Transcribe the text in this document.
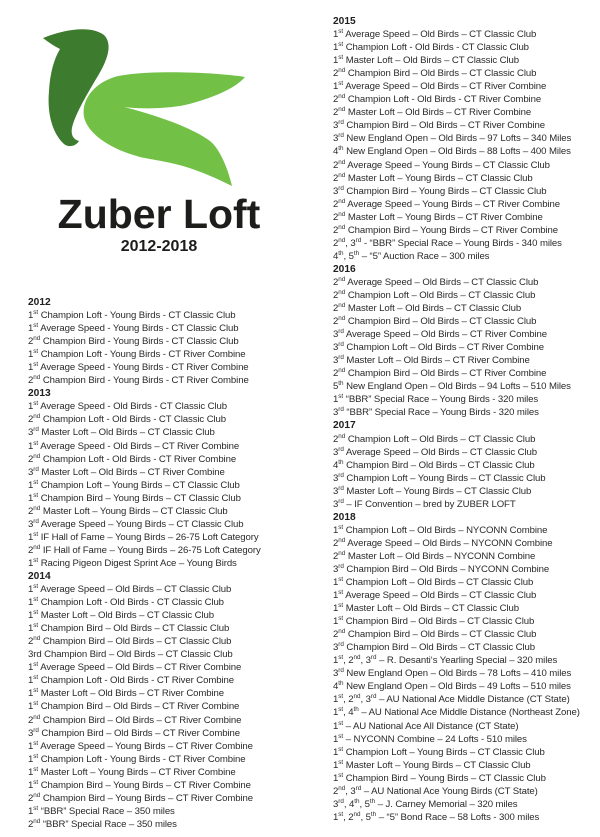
Zuber Loft
2012-2018
2012
1st Champion Loft - Young Birds - CT Classic Club
1st Average Speed - Young Birds - CT Classic Club
2nd Champion Bird - Young Birds - CT Classic Club
1st Champion Loft - Young Birds - CT River Combine
1st Average Speed - Young Birds - CT River Combine
2nd Champion Bird - Young Birds - CT River Combine
2013
1st Average Speed - Old Birds - CT Classic Club
2nd Champion Loft - Old Birds - CT Classic Club
3rd Master Loft – Old Birds – CT Classic Club
1st Average Speed - Old Birds – CT River Combine
2nd Champion Loft - Old Birds - CT River Combine
3rd Master Loft – Old Birds – CT River Combine
1st Champion Loft – Young Birds – CT Classic Club
1st Champion Bird – Young Birds – CT Classic Club
2nd Master Loft – Young Birds – CT Classic Club
3rd Average Speed – Young Birds – CT Classic Club
1st IF Hall of Fame – Young Birds – 26-75 Loft Category
2nd IF Hall of Fame – Young Birds – 26-75 Loft Category
1st Racing Pigeon Digest Sprint Ace – Young Birds
2014
1st Average Speed – Old Birds – CT Classic Club
1st Champion Loft - Old Birds - CT Classic Club
1st Master Loft – Old Birds – CT Classic Club
1st Champion Bird – Old Birds – CT Classic Club
2nd Champion Bird – Old Birds – CT Classic Club
3rd Champion Bird – Old Birds – CT Classic Club
1st Average Speed – Old Birds – CT River Combine
1st Champion Loft - Old Birds - CT River Combine
1st Master Loft – Old Birds – CT River Combine
1st Champion Bird – Old Birds – CT River Combine
2nd Champion Bird – Old Birds – CT River Combine
3rd Champion Bird – Old Birds – CT River Combine
1st Average Speed – Young Birds – CT River Combine
1st Champion Loft - Young Birds - CT River Combine
1st Master Loft – Young Birds – CT River Combine
1st Champion Bird – Young Birds – CT River Combine
2nd Champion Bird – Young Birds – CT River Combine
1st “BBR” Special Race – 350 miles
2nd “BBR” Special Race – 350 miles
2015
1st Average Speed – Old Birds – CT Classic Club
1st Champion Loft - Old Birds - CT Classic Club
1st Master Loft – Old Birds – CT Classic Club
2nd Champion Bird – Old Birds – CT Classic Club
1st Average Speed – Old Birds – CT River Combine
2nd Champion Loft - Old Birds - CT River Combine
2nd Master Loft – Old Birds – CT River Combine
3rd Champion Bird – Old Birds – CT River Combine
3rd New England Open – Old Birds – 97 Lofts – 340 Miles
4th New England Open – Old Birds – 88 Lofts – 400 Miles
2nd Average Speed – Young Birds – CT Classic Club
2nd Master Loft – Young Birds – CT Classic Club
3rd Champion Bird – Young Birds – CT Classic Club
2nd Average Speed – Young Birds – CT River Combine
2nd Master Loft – Young Birds – CT River Combine
2nd Champion Bird – Young Birds – CT River Combine
2nd, 3rd - “BBR” Special Race – Young Birds - 340 miles
4th, 5th – “5” Auction Race – 300 miles
2016
2nd Average Speed – Old Birds – CT Classic Club
2nd Champion Loft – Old Birds – CT Classic Club
2nd Master Loft – Old Birds – CT Classic Club
2nd Champion Bird – Old Birds – CT Classic Club
3rd Average Speed – Old Birds – CT River Combine
3rd Champion Loft – Old Birds – CT River Combine
3rd Master Loft – Old Birds – CT River Combine
2nd Champion Bird – Old Birds – CT River Combine
5th New England Open – Old Birds – 94 Lofts – 510 Miles
1st “BBR” Special Race – Young Birds - 320 miles
3rd “BBR” Special Race – Young Birds - 320 miles
2017
2nd Champion Loft – Old Birds – CT Classic Club
3rd Average Speed – Old Birds – CT Classic Club
4th Champion Bird – Old Birds – CT Classic Club
3rd Champion Loft – Young Birds – CT Classic Club
3rd Master Loft – Young Birds – CT Classic Club
3rd – IF Convention – bred by ZUBER LOFT
2018
1st Champion Loft – Old Birds – NYCONN Combine
2nd Average Speed – Old Birds – NYCONN Combine
2nd Master Loft – Old Birds – NYCONN Combine
3rd Champion Bird – Old Birds – NYCONN Combine
1st Champion Loft – Old Birds – CT Classic Club
1st Average Speed – Old Birds – CT Classic Club
1st Master Loft – Old Birds – CT Classic Club
1st Champion Bird – Old Birds – CT Classic Club
2nd Champion Bird – Old Birds – CT Classic Club
3rd Champion Bird – Old Birds – CT Classic Club
1st, 2nd, 3rd – R. Desanti‘s Yearling Special – 320 miles
3rd New England Open – Old Birds – 78 Lofts – 410 miles
4th New England Open – Old Birds – 49 Lofts – 510 miles
1st, 2nd, 3rd – AU National Ace Middle Distance (CT State)
1st, 4th – AU National Ace Middle Distance (Northeast Zone)
1st – AU National Ace All Distance (CT State)
1st – NYCONN Combine – 24 Lofts - 510 miles
1st Champion Loft – Young Birds – CT Classic Club
1st Master Loft – Young Birds – CT Classic Club
1st Champion Bird – Young Birds – CT Classic Club
2nd, 3rd – AU National Ace Young Birds (CT State)
3rd, 4th, 5th – J. Carney Memorial – 320 miles
1st, 2nd, 5th – “5” Bond Race – 58 Lofts - 300 miles
